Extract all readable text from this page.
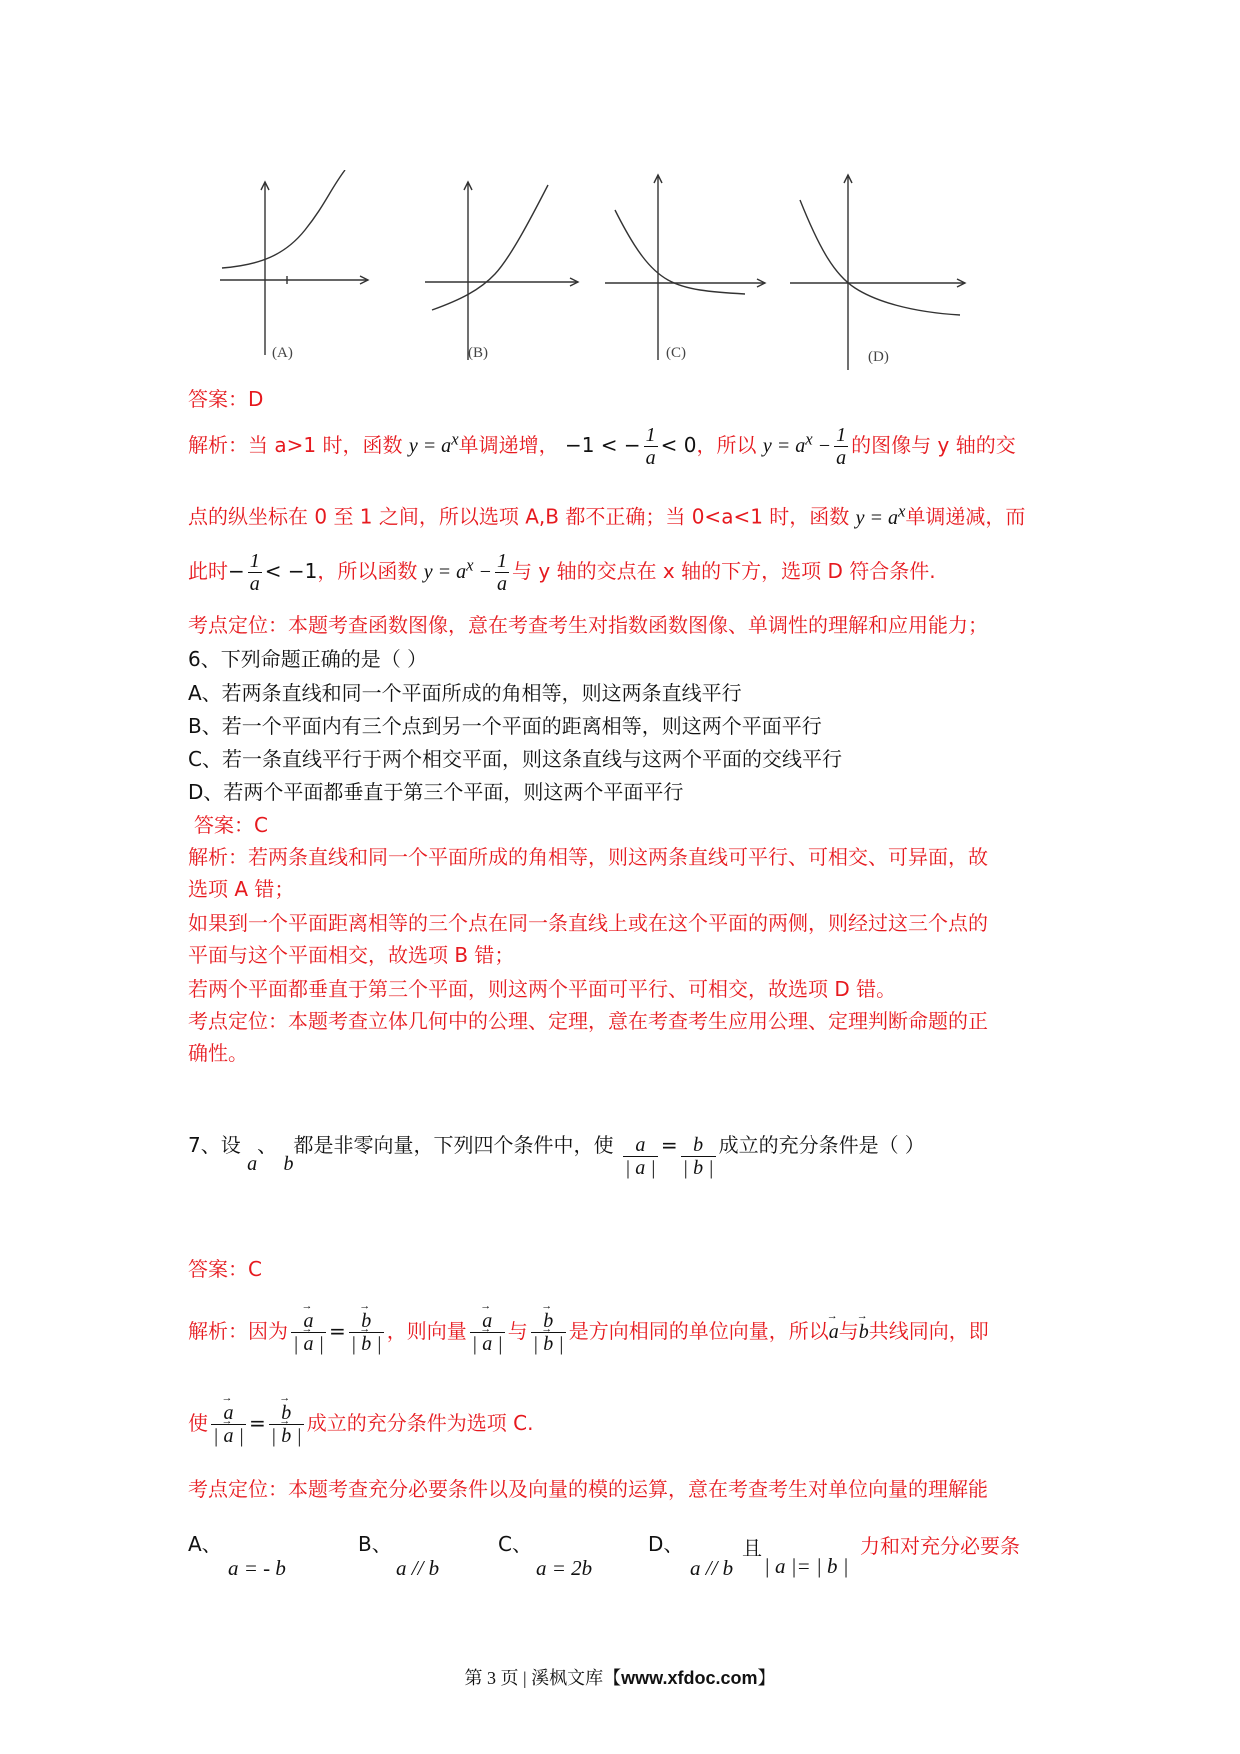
(A)	(B)	(C)	(D)
答案：D
解析：当 a>1 时，函数 $y = a^x$单调递增， −1 < − $\frac{1}{a} < 0$，所以 $y = a^x - \frac{1}{a}$ 的图像与 y 轴的交
点的纵坐标在 0 至 1 之间，所以选项 A,B 都不正确；当 0<a<1 时，函数 $y = a^x$单调递减，而
此时− $\frac{1}{a} < -1$，所以函数 $y = a^x - \frac{1}{a}$ 与 y 轴的交点在 x 轴的下方，选项 D 符合条件.
考点定位：本题考查函数图像，意在考查考生对指数函数图像、单调性的理解和应用能力；
6、下列命题正确的是（ ）
A、若两条直线和同一个平面所成的角相等，则这两条直线平行
B、若一个平面内有三个点到另一个平面的距离相等，则这两个平面平行
C、若一条直线平行于两个相交平面，则这条直线与这两个平面的交线平行
D、若两个平面都垂直于第三个平面，则这两个平面平行
答案：C
解析：若两条直线和同一个平面所成的角相等，则这两条直线可平行、可相交、可异面，故
选项 A 错；
如果到一个平面距离相等的三个点在同一条直线上或在这个平面的两侧，则经过这三个点的
平面与这个平面相交，故选项 B 错；
若两个平面都垂直于第三个平面，则这两个平面可平行、可相交，故选项 D 错。
考点定位：本题考查立体几何中的公理、定理，意在考查考生应用公理、定理判断命题的正
确性。
7、设 a、 b都是非零向量，下列四个条件中，使 $\frac{a}{| a |} = \frac{b}{| b |}$ 成立的充分条件是（ ）
答案：C
解析：因为 → $\frac{a}{| \to a |}$ = → $\frac{b}{| \to b |}$ ，则向量 → $\frac{a}{| \to a |}$ 与 → $\frac{b}{| \to b |}$ 是方向相同的单位向量，所以→ a与→ b共线同向，即
使 → $\frac{a}{| \to a |}$ = → $\frac{b}{| \to b |}$ 成立的充分条件为选项 C.
考点定位：本题考查充分必要条件以及向量的模的运算，意在考查考生对单位向量的理解能
A、
a = - b
B、
a // b
C、
a = 2b
D、
a // b
且
| a |= | b |
力和对充分必要条
第 3 页 | 溪枫文库【www.xfdoc.com】
